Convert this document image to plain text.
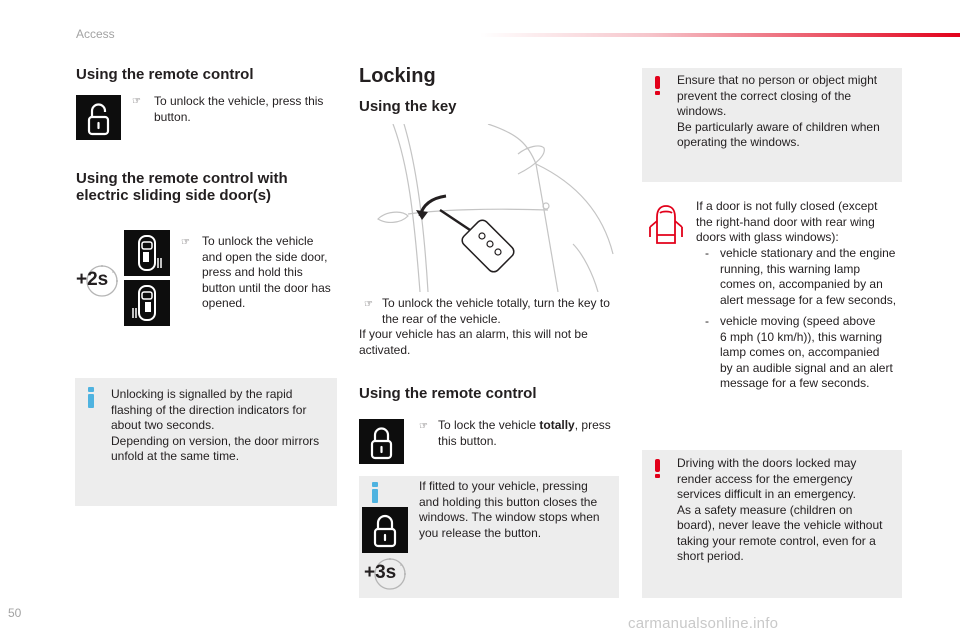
Access
Using the remote control
☞ To unlock the vehicle, press this button.
Using the remote control with
electric sliding side door(s)
+2s
☞ To unlock the vehicle
and open the side door,
press and hold this
button until the door has
opened.
Unlocking is signalled by the rapid
flashing of the direction indicators for
about two seconds.
Depending on version, the door mirrors
unfold at the same time.
Locking
Using the key
☞ To unlock the vehicle totally, turn the key to
the rear of the vehicle.
If your vehicle has an alarm, this will not be
activated.
Using the remote control
☞ To lock the vehicle totally, press
this button.
+3s
If fitted to your vehicle, pressing
and holding this button closes the
windows. The window stops when
you release the button.
Ensure that no person or object might
prevent the correct closing of the
windows.
Be particularly aware of children when
operating the windows.
If a door is not fully closed (except
the right-hand door with rear wing
doors with glass windows):
- vehicle stationary and the engine
running, this warning lamp
comes on, accompanied by an
alert message for a few seconds,
- vehicle moving (speed above
6 mph (10 km/h)), this warning
lamp comes on, accompanied
by an audible signal and an alert
message for a few seconds.
Driving with the doors locked may
render access for the emergency
services difficult in an emergency.
As a safety measure (children on
board), never leave the vehicle without
taking your remote control, even for a
short period.
50
carmanualsonline.info
